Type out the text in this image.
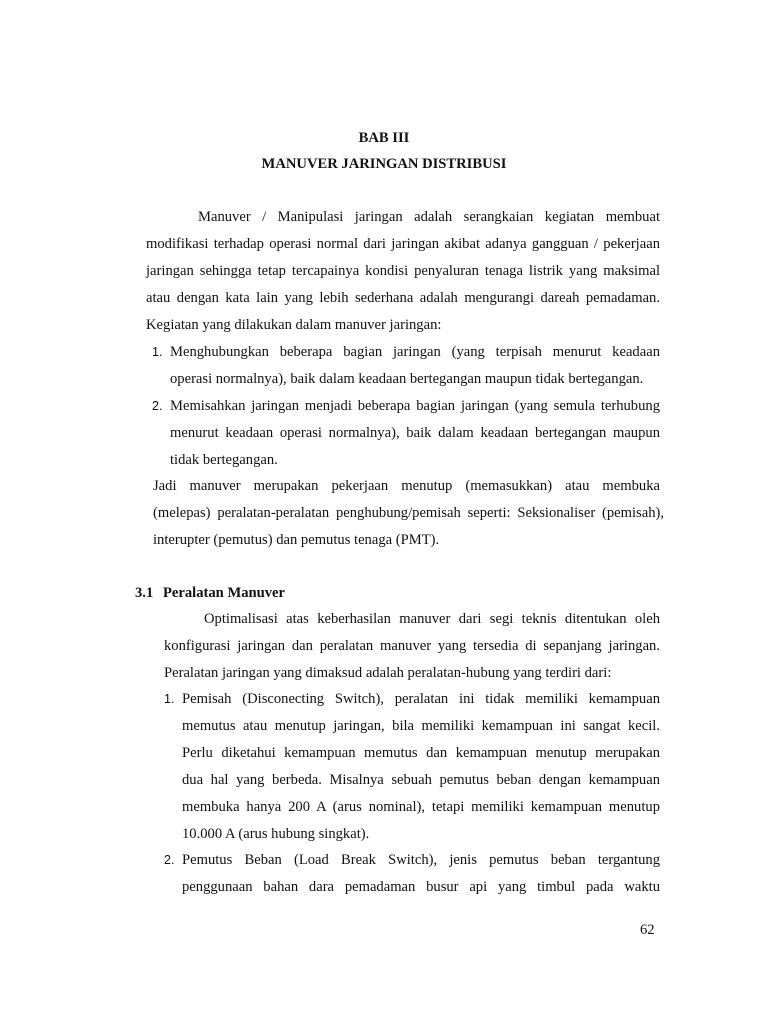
BAB III
MANUVER JARINGAN DISTRIBUSI
Manuver / Manipulasi jaringan adalah serangkaian kegiatan membuat
modifikasi terhadap operasi normal dari jaringan akibat adanya gangguan / pekerjaan
jaringan sehingga tetap tercapainya kondisi penyaluran tenaga listrik yang maksimal
atau dengan kata lain yang lebih sederhana adalah mengurangi dareah pemadaman.
Kegiatan yang dilakukan dalam manuver jaringan:
1. Menghubungkan beberapa bagian jaringan (yang terpisah menurut keadaan
operasi normalnya), baik dalam keadaan bertegangan maupun tidak bertegangan.
2. Memisahkan jaringan menjadi beberapa bagian jaringan (yang semula terhubung
menurut keadaan operasi normalnya), baik dalam keadaan bertegangan maupun
tidak bertegangan.
Jadi manuver merupakan pekerjaan menutup (memasukkan) atau membuka
(melepas) peralatan-peralatan penghubung/pemisah seperti: Seksionaliser (pemisah),
interupter (pemutus) dan pemutus tenaga (PMT).
3.1 Peralatan Manuver
Optimalisasi atas keberhasilan manuver dari segi teknis ditentukan oleh
konfigurasi jaringan dan peralatan manuver yang tersedia di sepanjang jaringan.
Peralatan jaringan yang dimaksud adalah peralatan-hubung yang terdiri dari:
1. Pemisah (Disconecting Switch), peralatan ini tidak memiliki kemampuan
memutus atau menutup jaringan, bila memiliki kemampuan ini sangat kecil.
Perlu diketahui kemampuan memutus dan kemampuan menutup merupakan
dua hal yang berbeda. Misalnya sebuah pemutus beban dengan kemampuan
membuka hanya 200 A (arus nominal), tetapi memiliki kemampuan menutup
10.000 A (arus hubung singkat).
2. Pemutus Beban (Load Break Switch), jenis pemutus beban tergantung
penggunaan bahan dara pemadaman busur api yang timbul pada waktu
62
